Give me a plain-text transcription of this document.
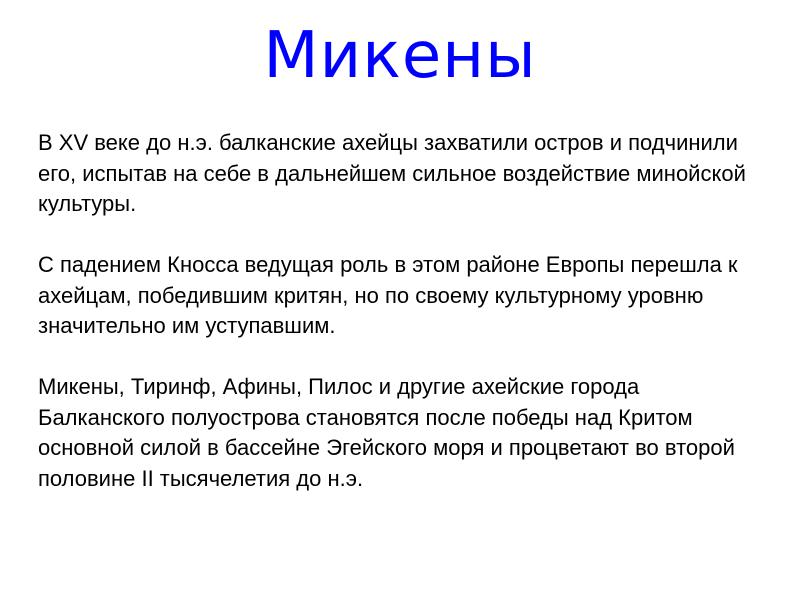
Микены

В XV веке до н.э. балканские ахейцы захватили остров и подчинили его, испытав на себе в дальнейшем сильное воздействие минойской культуры.

С падением Кносса ведущая роль в этом районе Европы перешла к ахейцам, победившим критян, но по своему культурному уровню значительно им уступавшим.

Микены, Тиринф, Афины, Пилос и другие ахейские города Балканского полуострова становятся после победы над Критом основной силой в бассейне Эгейского моря и процветают во второй половине II тысячелетия до н.э.
